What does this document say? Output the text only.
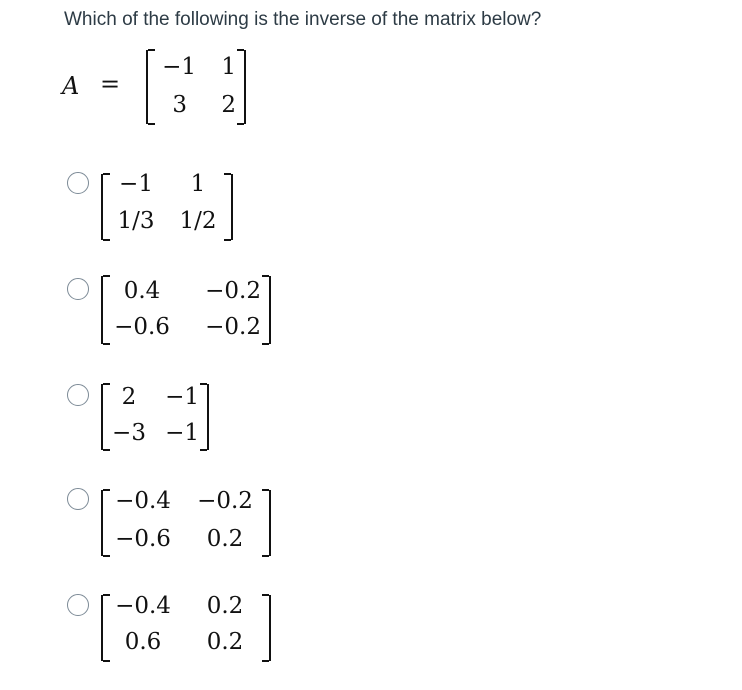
Which of the following is the inverse of the matrix below?
A =
−1	1
3	2
−1	1
1/3	1/2
0.4	−0.2
−0.6	−0.2
2	−1
−3 −1
−0.4	−0.2
−0.6	0.2
−0.4	0.2
0.6	0.2
